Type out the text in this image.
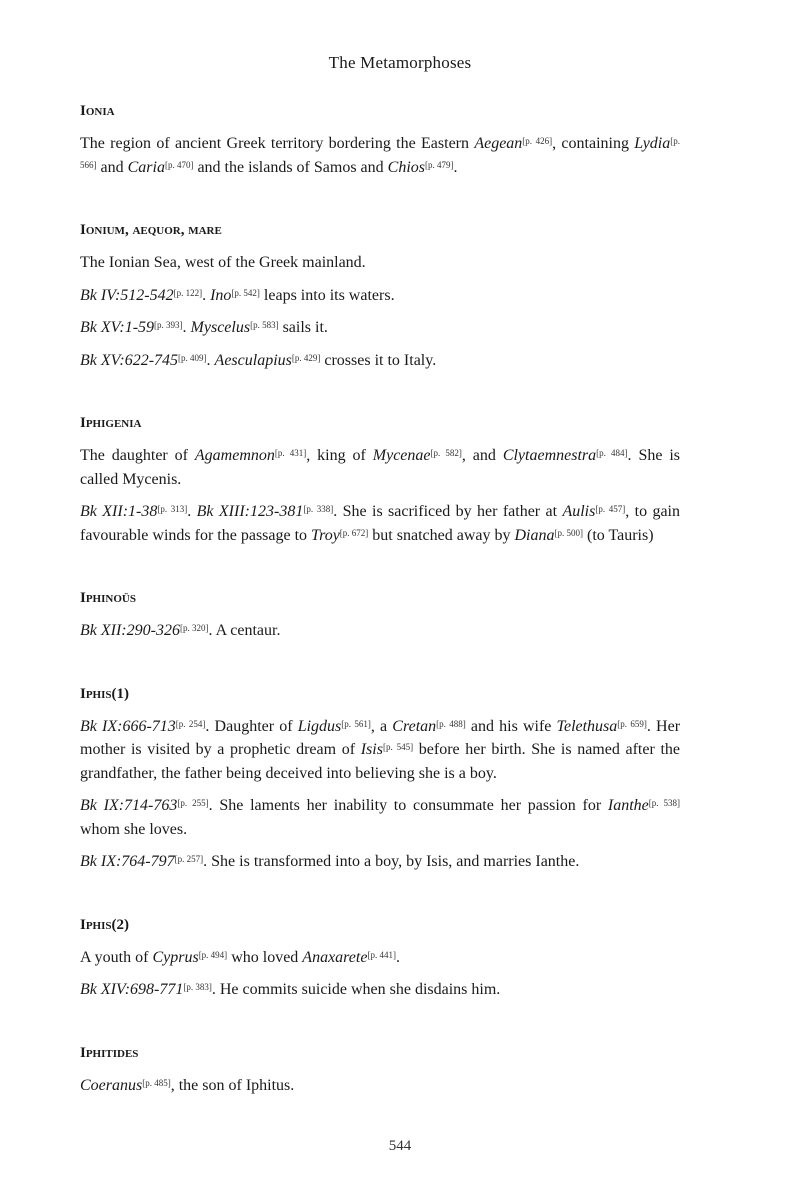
The Metamorphoses
Ionia

The region of ancient Greek territory bordering the Eastern Aegean[p. 426], containing Lydia[p. 566] and Caria[p. 470] and the islands of Samos and Chios[p. 479].

Ionium, aequor, mare

The Ionian Sea, west of the Greek mainland.

Bk IV:512-542[p. 122]. Ino[p. 542] leaps into its waters.

Bk XV:1-59[p. 393]. Myscelus[p. 583] sails it.

Bk XV:622-745[p. 409]. Aesculapius[p. 429] crosses it to Italy.

Iphigenia

The daughter of Agamemnon[p. 431], king of Mycenae[p. 582], and Clytaemnestra[p. 484]. She is called Mycenis.

Bk XII:1-38[p. 313]. Bk XIII:123-381[p. 338]. She is sacrificed by her father at Aulis[p. 457], to gain favourable winds for the passage to Troy[p. 672] but snatched away by Diana[p. 500] (to Tauris)

Iphinoüs

Bk XII:290-326[p. 320]. A centaur.

Iphis(1)

Bk IX:666-713[p. 254]. Daughter of Ligdus[p. 561], a Cretan[p. 488] and his wife Telethusa[p. 659]. Her mother is visited by a prophetic dream of Isis[p. 545] before her birth. She is named after the grandfather, the father being deceived into believing she is a boy.

Bk IX:714-763[p. 255]. She laments her inability to consummate her passion for Ianthe[p. 538] whom she loves.

Bk IX:764-797[p. 257]. She is transformed into a boy, by Isis, and marries Ianthe.

Iphis(2)

A youth of Cyprus[p. 494] who loved Anaxarete[p. 441].

Bk XIV:698-771[p. 383]. He commits suicide when she disdains him.

Iphitides

Coeranus[p. 485], the son of Iphitus.

544
